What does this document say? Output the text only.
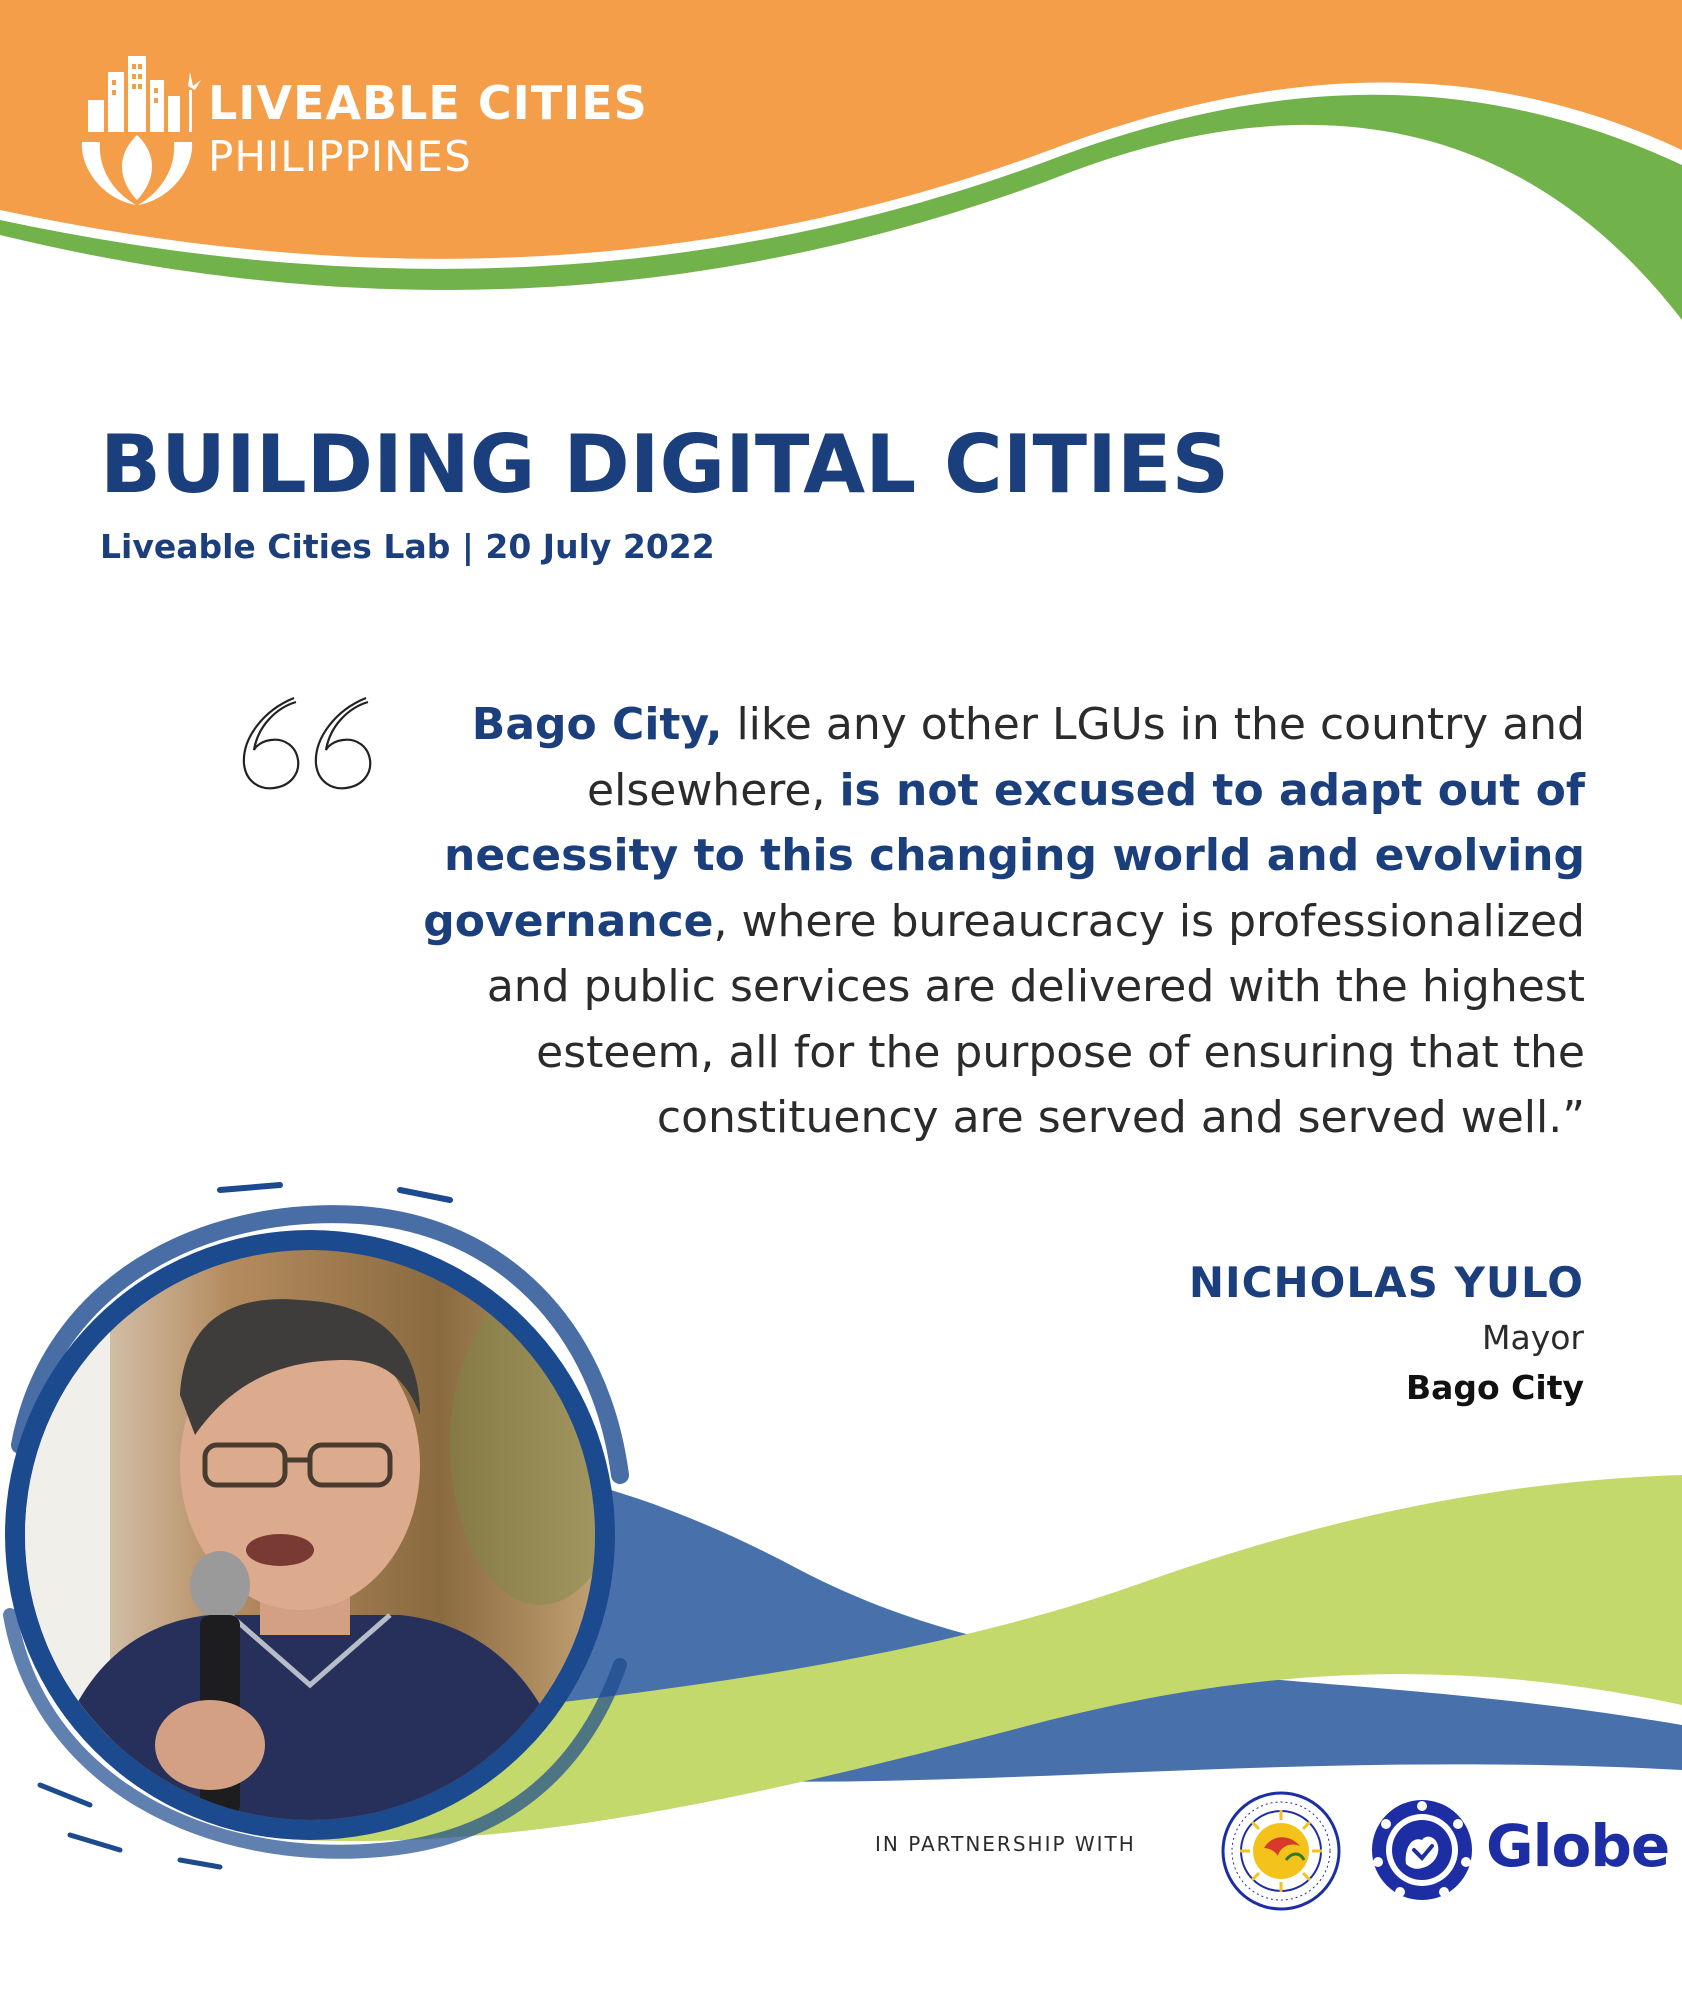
LIVEABLE CITIES
PHILIPPINES
BUILDING DIGITAL CITIES
Liveable Cities Lab | 20 July 2022
Bago City, like any other LGUs in the country and elsewhere, is not excused to adapt out of necessity to this changing world and evolving governance, where bureaucracy is professionalized and public services are delivered with the highest esteem, all for the purpose of ensuring that the constituency are served and served well.”
NICHOLAS YULO
Mayor
Bago City
IN PARTNERSHIP WITH	Globe
